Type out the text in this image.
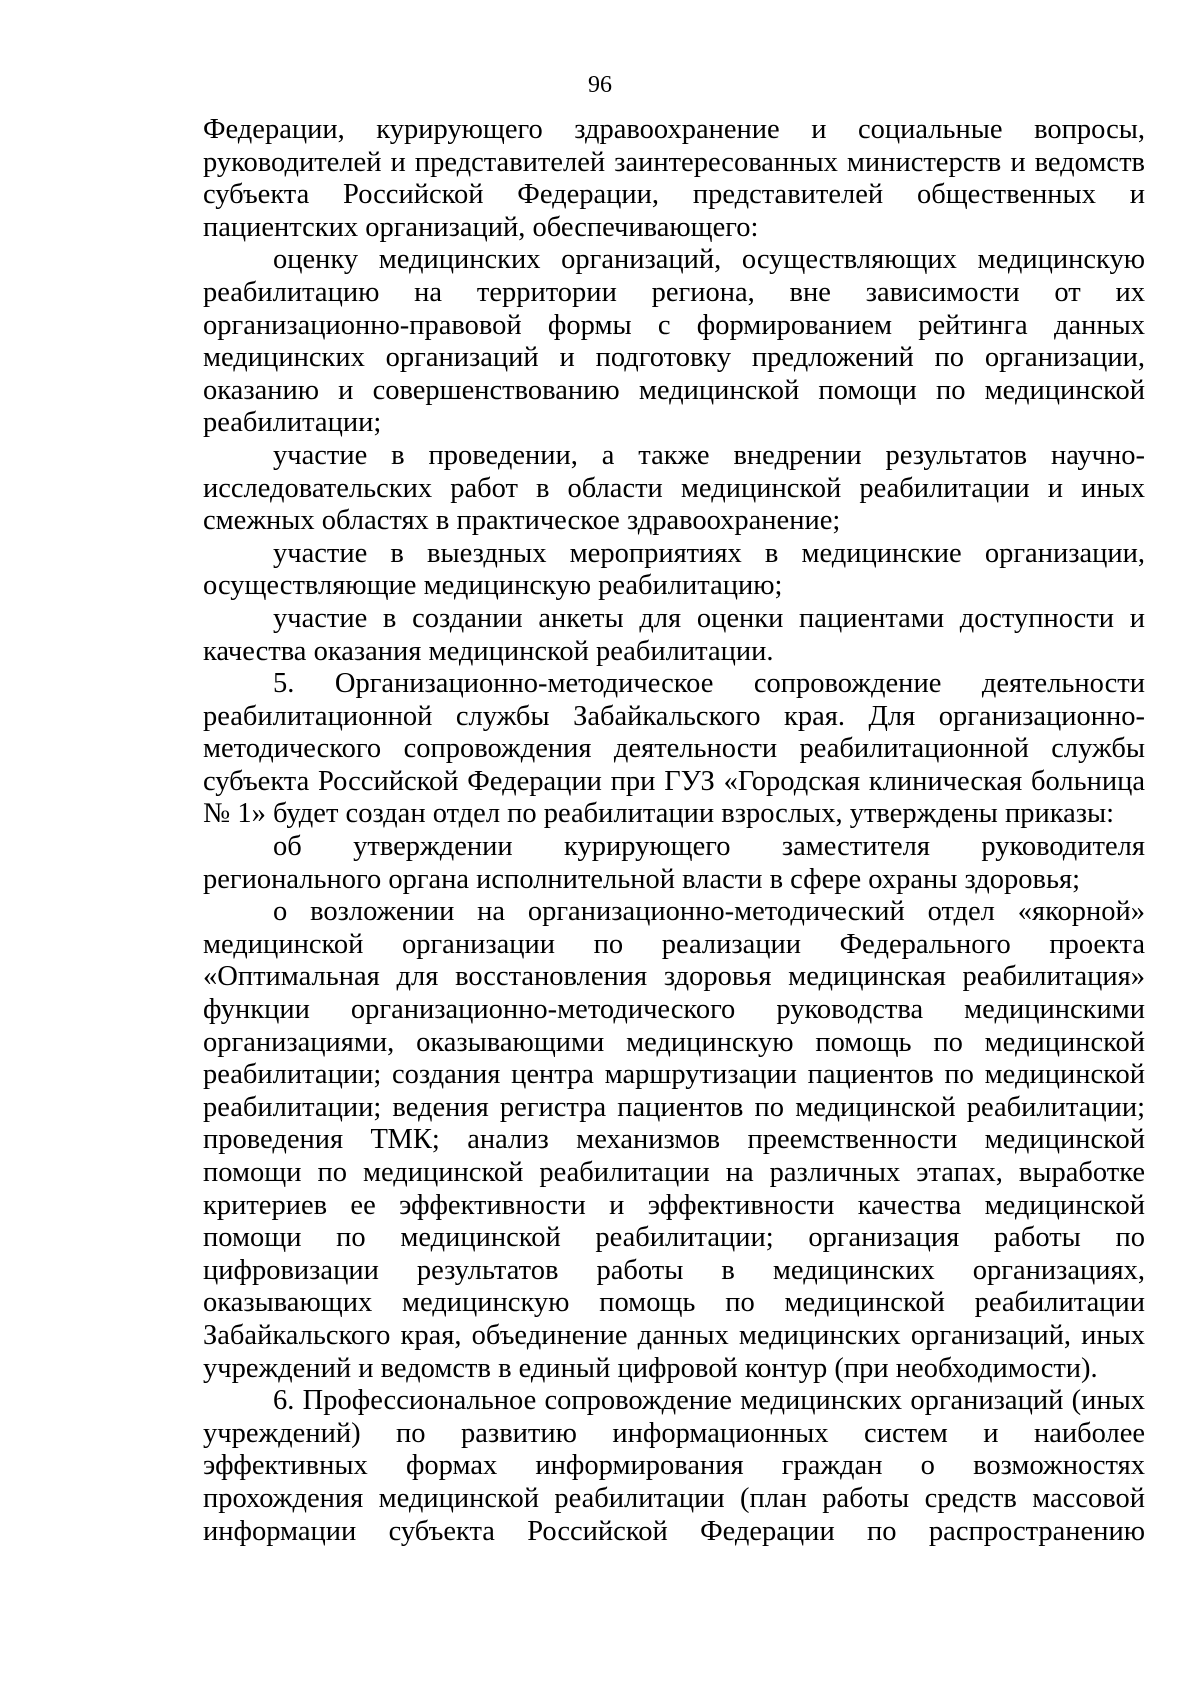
96

Федерации, курирующего здравоохранение и социальные вопросы, руководителей и представителей заинтересованных министерств и ведомств субъекта Российской Федерации, представителей общественных и пациентских организаций, обеспечивающего:

оценку медицинских организаций, осуществляющих медицинскую реабилитацию на территории региона, вне зависимости от их организационно-правовой формы с формированием рейтинга данных медицинских организаций и подготовку предложений по организации, оказанию и совершенствованию медицинской помощи по медицинской реабилитации;

участие в проведении, а также внедрении результатов научно-исследовательских работ в области медицинской реабилитации и иных смежных областях в практическое здравоохранение;

участие в выездных мероприятиях в медицинские организации, осуществляющие медицинскую реабилитацию;

участие в создании анкеты для оценки пациентами доступности и качества оказания медицинской реабилитации.

5. Организационно-методическое сопровождение деятельности реабилитационной службы Забайкальского края. Для организационно-методического сопровождения деятельности реабилитационной службы субъекта Российской Федерации при ГУЗ «Городская клиническая больница № 1» будет создан отдел по реабилитации взрослых, утверждены приказы:

об утверждении курирующего заместителя руководителя регионального органа исполнительной власти в сфере охраны здоровья;

о возложении на организационно-методический отдел «якорной» медицинской организации по реализации Федерального проекта «Оптимальная для восстановления здоровья медицинская реабилитация» функции организационно-методического руководства медицинскими организациями, оказывающими медицинскую помощь по медицинской реабилитации; создания центра маршрутизации пациентов по медицинской реабилитации; ведения регистра пациентов по медицинской реабилитации; проведения ТМК; анализ механизмов преемственности медицинской помощи по медицинской реабилитации на различных этапах, выработке критериев ее эффективности и эффективности качества медицинской помощи по медицинской реабилитации; организация работы по цифровизации результатов работы в медицинских организациях, оказывающих медицинскую помощь по медицинской реабилитации Забайкальского края, объединение данных медицинских организаций, иных учреждений и ведомств в единый цифровой контур (при необходимости).

6. Профессиональное сопровождение медицинских организаций (иных учреждений) по развитию информационных систем и наиболее эффективных формах информирования граждан о возможностях прохождения медицинской реабилитации (план работы средств массовой информации субъекта Российской Федерации по распространению
